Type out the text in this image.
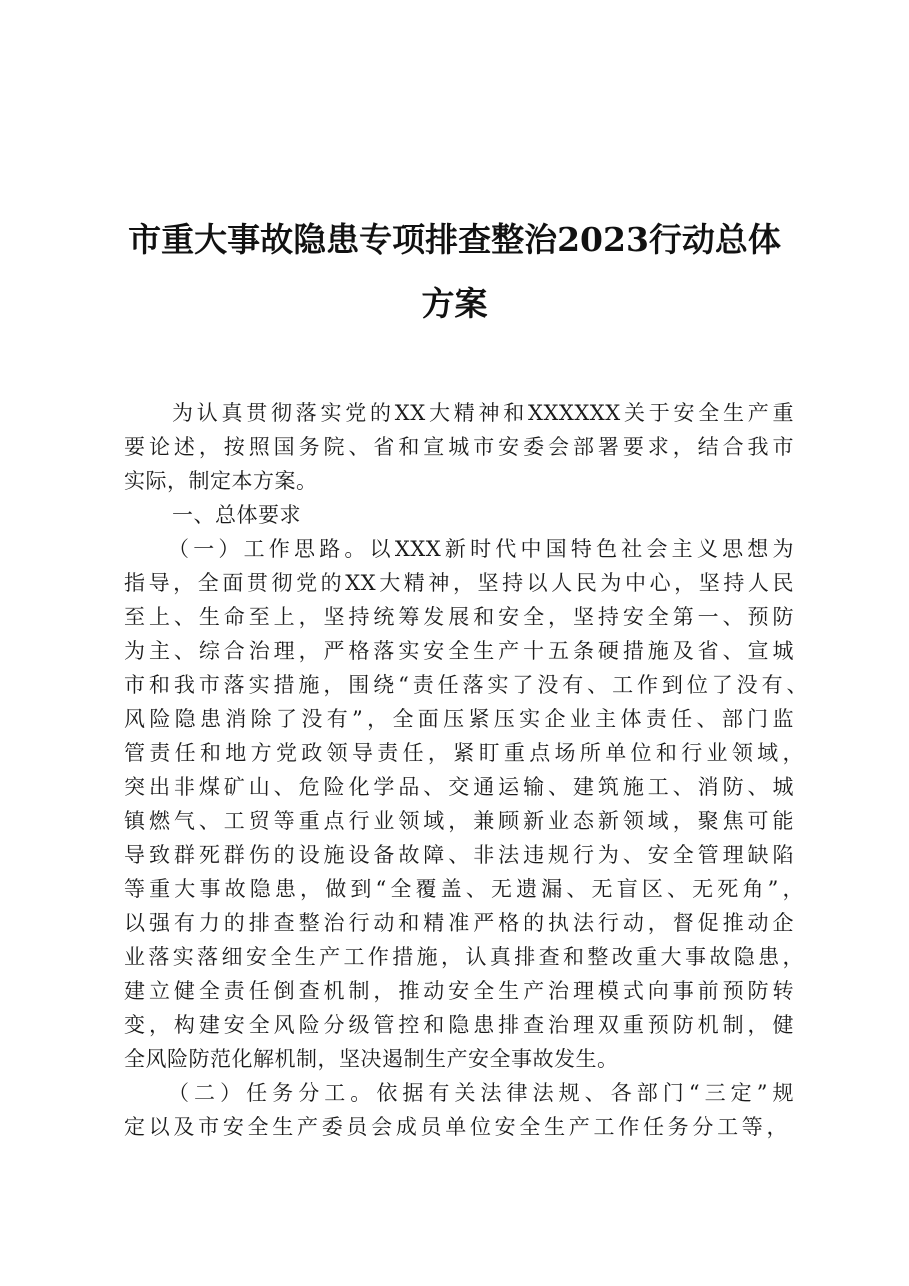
市重大事故隐患专项排查整治2023行动总体
方案
为认真贯彻落实党的XX大精神和XXXXXX关于安全生产重
要论述，按照国务院、省和宣城市安委会部署要求，结合我市
实际，制定本方案。
一、总体要求
（一）工作思路。以XXX新时代中国特色社会主义思想为
指导，全面贯彻党的XX大精神，坚持以人民为中心，坚持人民
至上、生命至上，坚持统筹发展和安全，坚持安全第一、预防
为主、综合治理，严格落实安全生产十五条硬措施及省、宣城
市和我市落实措施，围绕“责任落实了没有、工作到位了没有、
风险隐患消除了没有”，全面压紧压实企业主体责任、部门监
管责任和地方党政领导责任，紧盯重点场所单位和行业领域，
突出非煤矿山、危险化学品、交通运输、建筑施工、消防、城
镇燃气、工贸等重点行业领域，兼顾新业态新领域，聚焦可能
导致群死群伤的设施设备故障、非法违规行为、安全管理缺陷
等重大事故隐患，做到“全覆盖、无遗漏、无盲区、无死角”，
以强有力的排查整治行动和精准严格的执法行动，督促推动企
业落实落细安全生产工作措施，认真排查和整改重大事故隐患，
建立健全责任倒查机制，推动安全生产治理模式向事前预防转
变，构建安全风险分级管控和隐患排查治理双重预防机制，健
全风险防范化解机制，坚决遏制生产安全事故发生。
（二）任务分工。依据有关法律法规、各部门“三定”规
定以及市安全生产委员会成员单位安全生产工作任务分工等，
